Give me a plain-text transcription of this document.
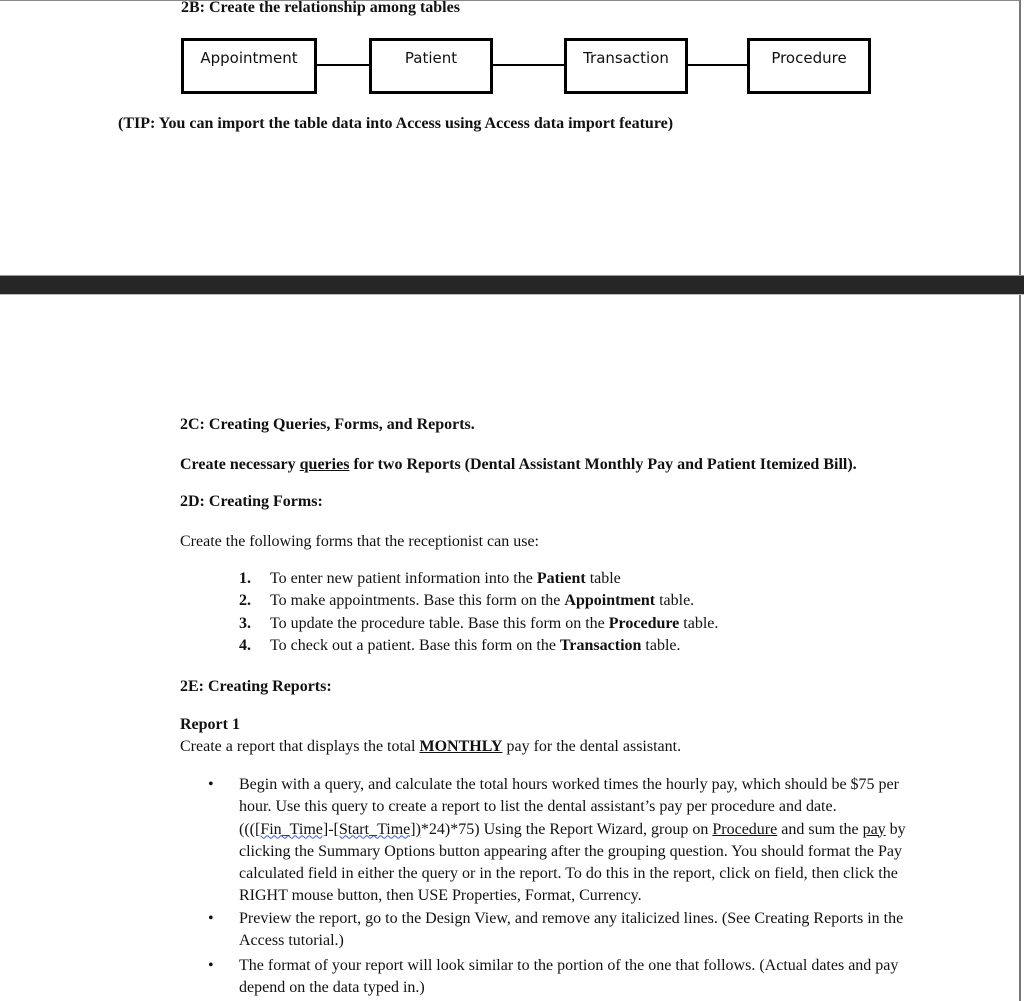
2B: Create the relationship among tables
Appointment	Patient	Transaction	Procedure
(TIP: You can import the table data into Access using Access data import feature)
2C: Creating Queries, Forms, and Reports.
Create necessary queries for two Reports (Dental Assistant Monthly Pay and Patient Itemized Bill).
2D: Creating Forms:
Create the following forms that the receptionist can use:
1. To enter new patient information into the Patient table
2. To make appointments. Base this form on the Appointment table.
3. To update the procedure table. Base this form on the Procedure table.
4. To check out a patient. Base this form on the Transaction table.
2E: Creating Reports:
Report 1
Create a report that displays the total MONTHLY pay for the dental assistant.
• Begin with a query, and calculate the total hours worked times the hourly pay, which should be $75 per hour. Use this query to create a report to list the dental assistant’s pay per procedure and date. ((([Fin_Time]-[Start_Time])*24)*75) Using the Report Wizard, group on Procedure and sum the pay by clicking the Summary Options button appearing after the grouping question. You should format the Pay calculated field in either the query or in the report. To do this in the report, click on field, then click the RIGHT mouse button, then USE Properties, Format, Currency.
• Preview the report, go to the Design View, and remove any italicized lines. (See Creating Reports in the Access tutorial.)
• The format of your report will look similar to the portion of the one that follows. (Actual dates and pay depend on the data typed in.)
